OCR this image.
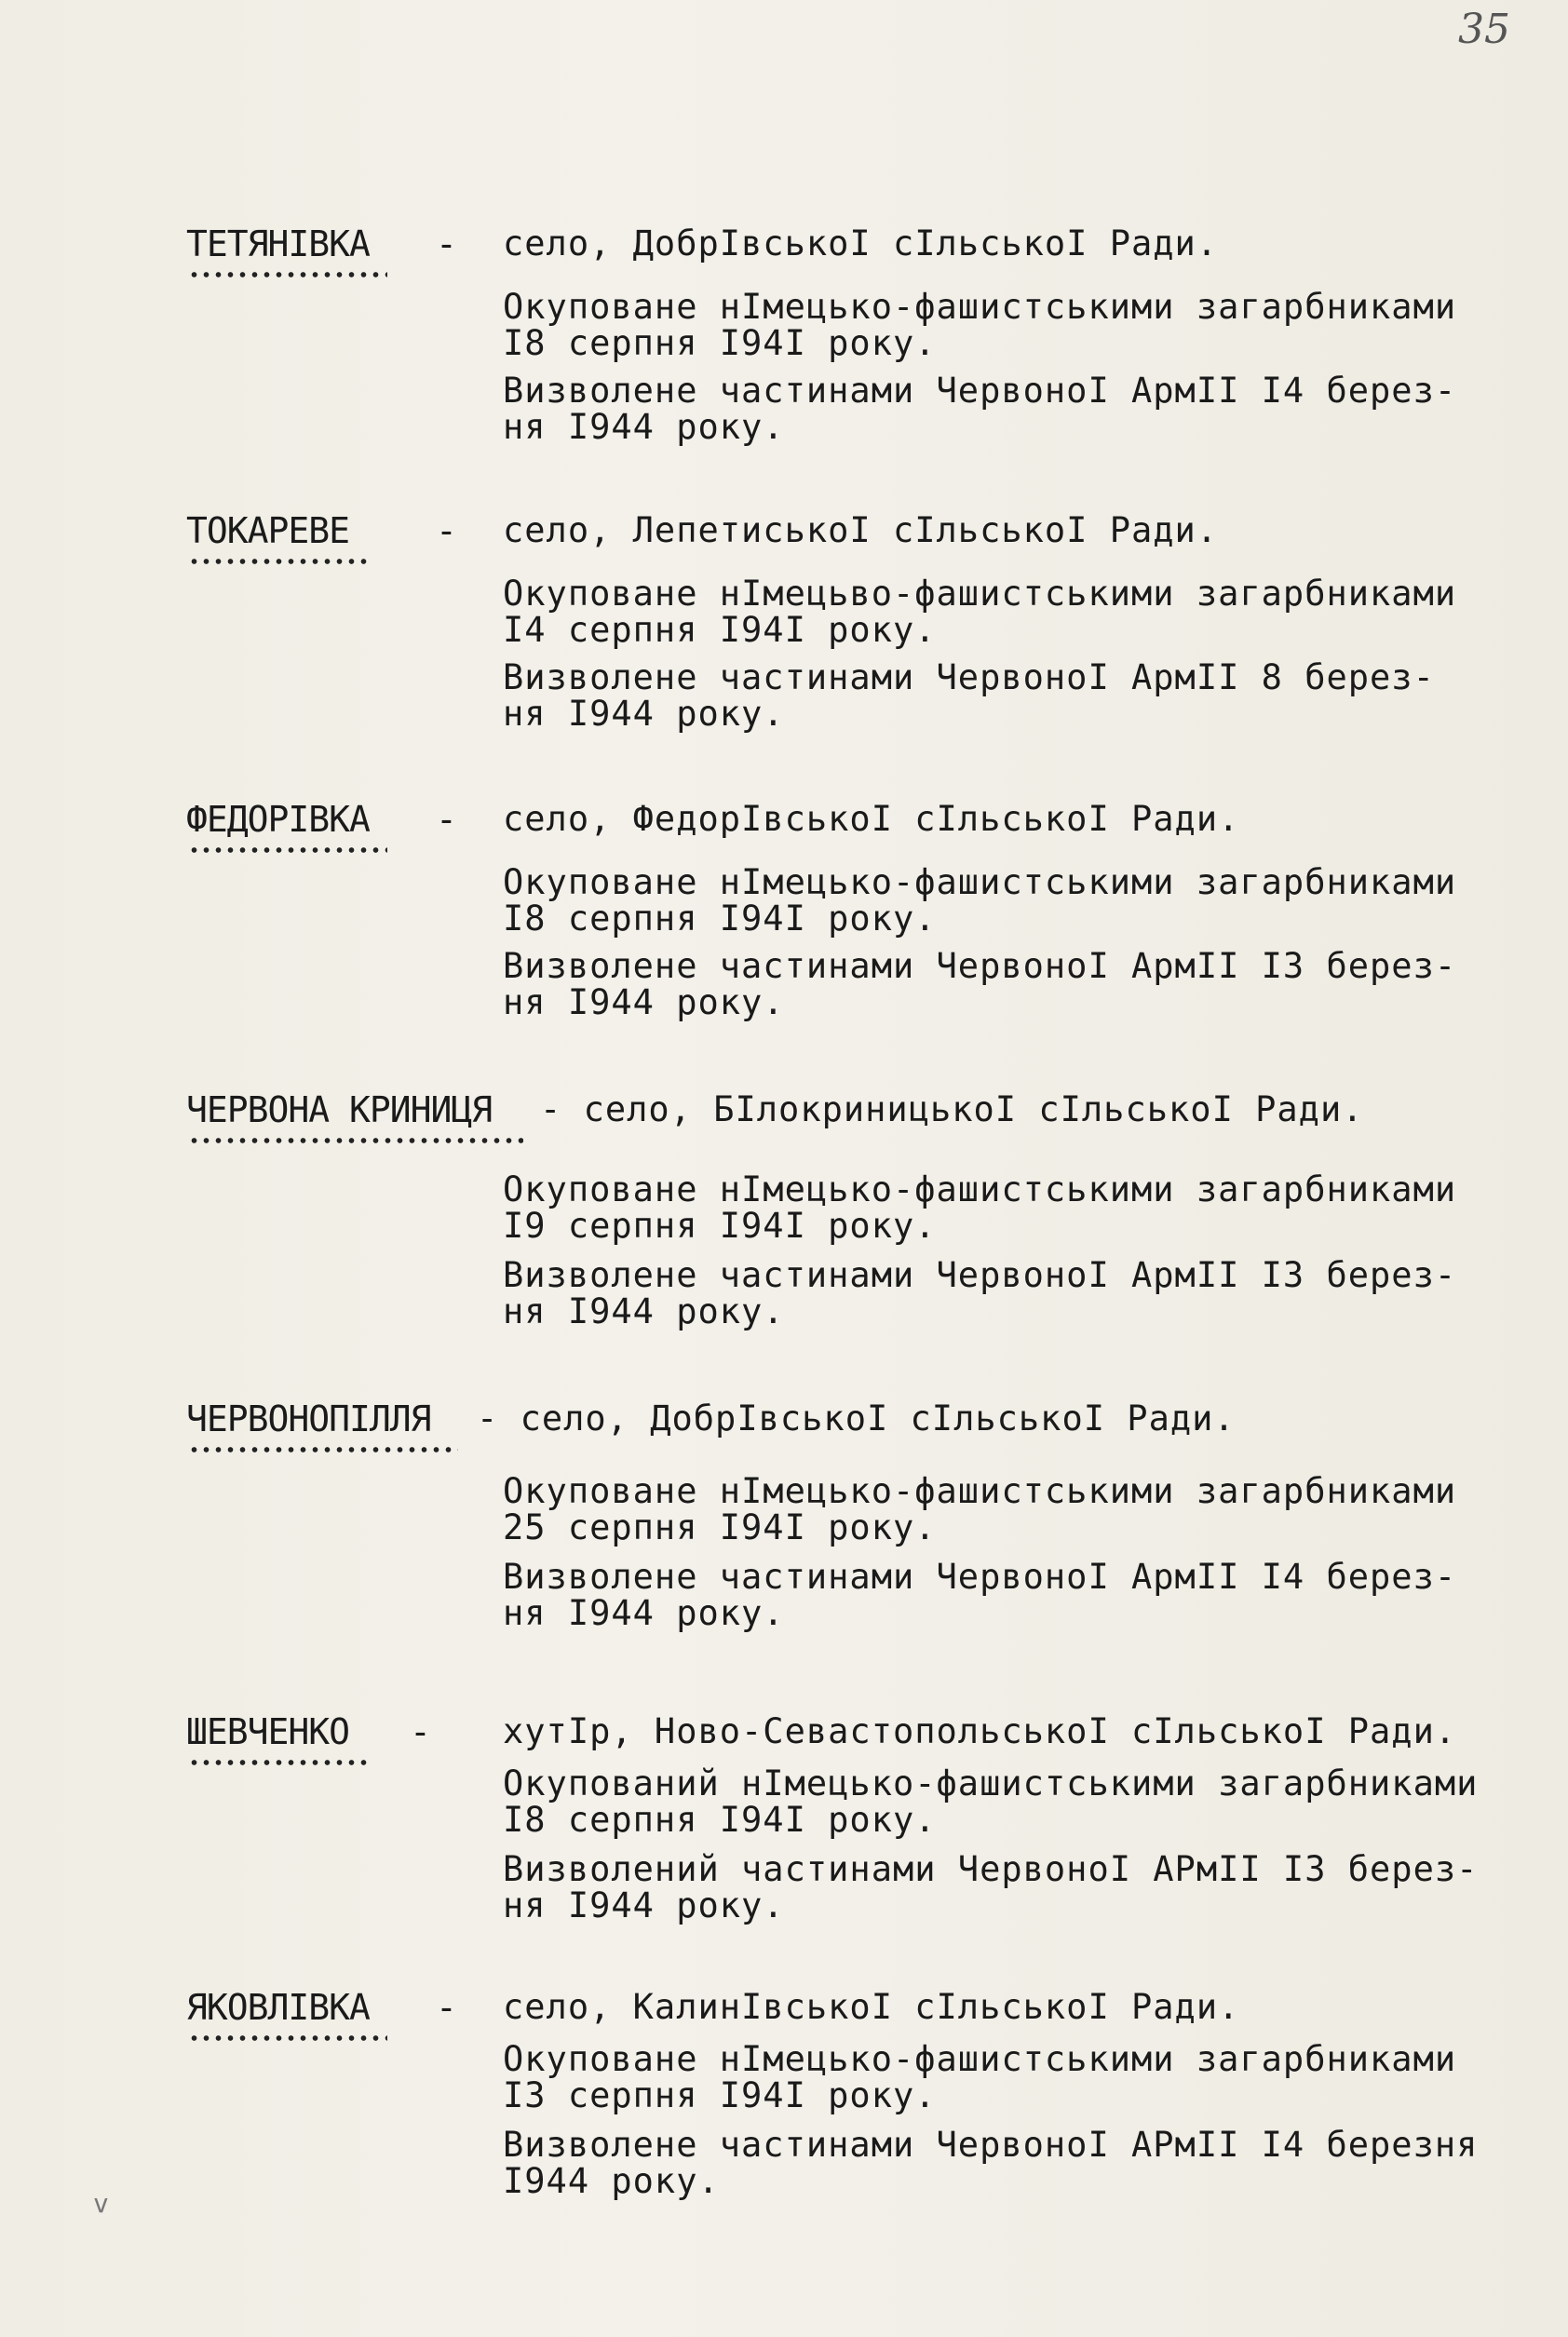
35
ТЕТЯНІВКА - село, ДобрІвськоІ сІльськоІ Ради.

Окуповане нІмецько-фашистськими загарбниками
І8 серпня І94І року.

Визволене частинами ЧервоноІ АрмІІ І4 берез-
ня І944 року.

ТОКАРЕВЕ - село, ЛепетиськоІ сІльськоІ Ради.

Окуповане нІмецьво-фашистськими загарбниками
І4 серпня І94І року.

Визволене частинами ЧервоноІ АрмІІ 8 берез-
ня І944 року.

ФЕДОРІВКА - село, ФедорІвськоІ сІльськоІ Ради.

Окуповане нІмецько-фашистськими загарбниками
І8 серпня І94І року.

Визволене частинами ЧервоноІ АрмІІ ІЗ берез-
ня І944 року.

ЧЕРВОНА КРИНИЦЯ - село, БІлокриницькоІ сІльськоІ Ради.

Окуповане нІмецько-фашистськими загарбниками
І9 серпня І94І року.

Визволене частинами ЧервоноІ АрмІІ ІЗ берез-
ня І944 року.

ЧЕРВОНОПІЛЛЯ - село, ДобрІвськоІ сІльськоІ Ради.

Окуповане нІмецько-фашистськими загарбниками
25 серпня І94І року.

Визволене частинами ЧервоноІ АрмІІ І4 берез-
ня І944 року.

ШЕВЧЕНКО - хутІр, Ново-СевастопольськоІ сІльськоІ Ради.

Окупований нІмецько-фашистськими загарбниками
І8 серпня І94І року.

Визволений частинами ЧервоноІ АРмІІ ІЗ берез-
ня І944 року.

ЯКОВЛІВКА - село, КалинІвськоІ сІльськоІ Ради.

Окуповане нІмецько-фашистськими загарбниками
ІЗ серпня І94І року.

Визволене частинами ЧервоноІ АРмІІ І4 березня
І944 року.

v
